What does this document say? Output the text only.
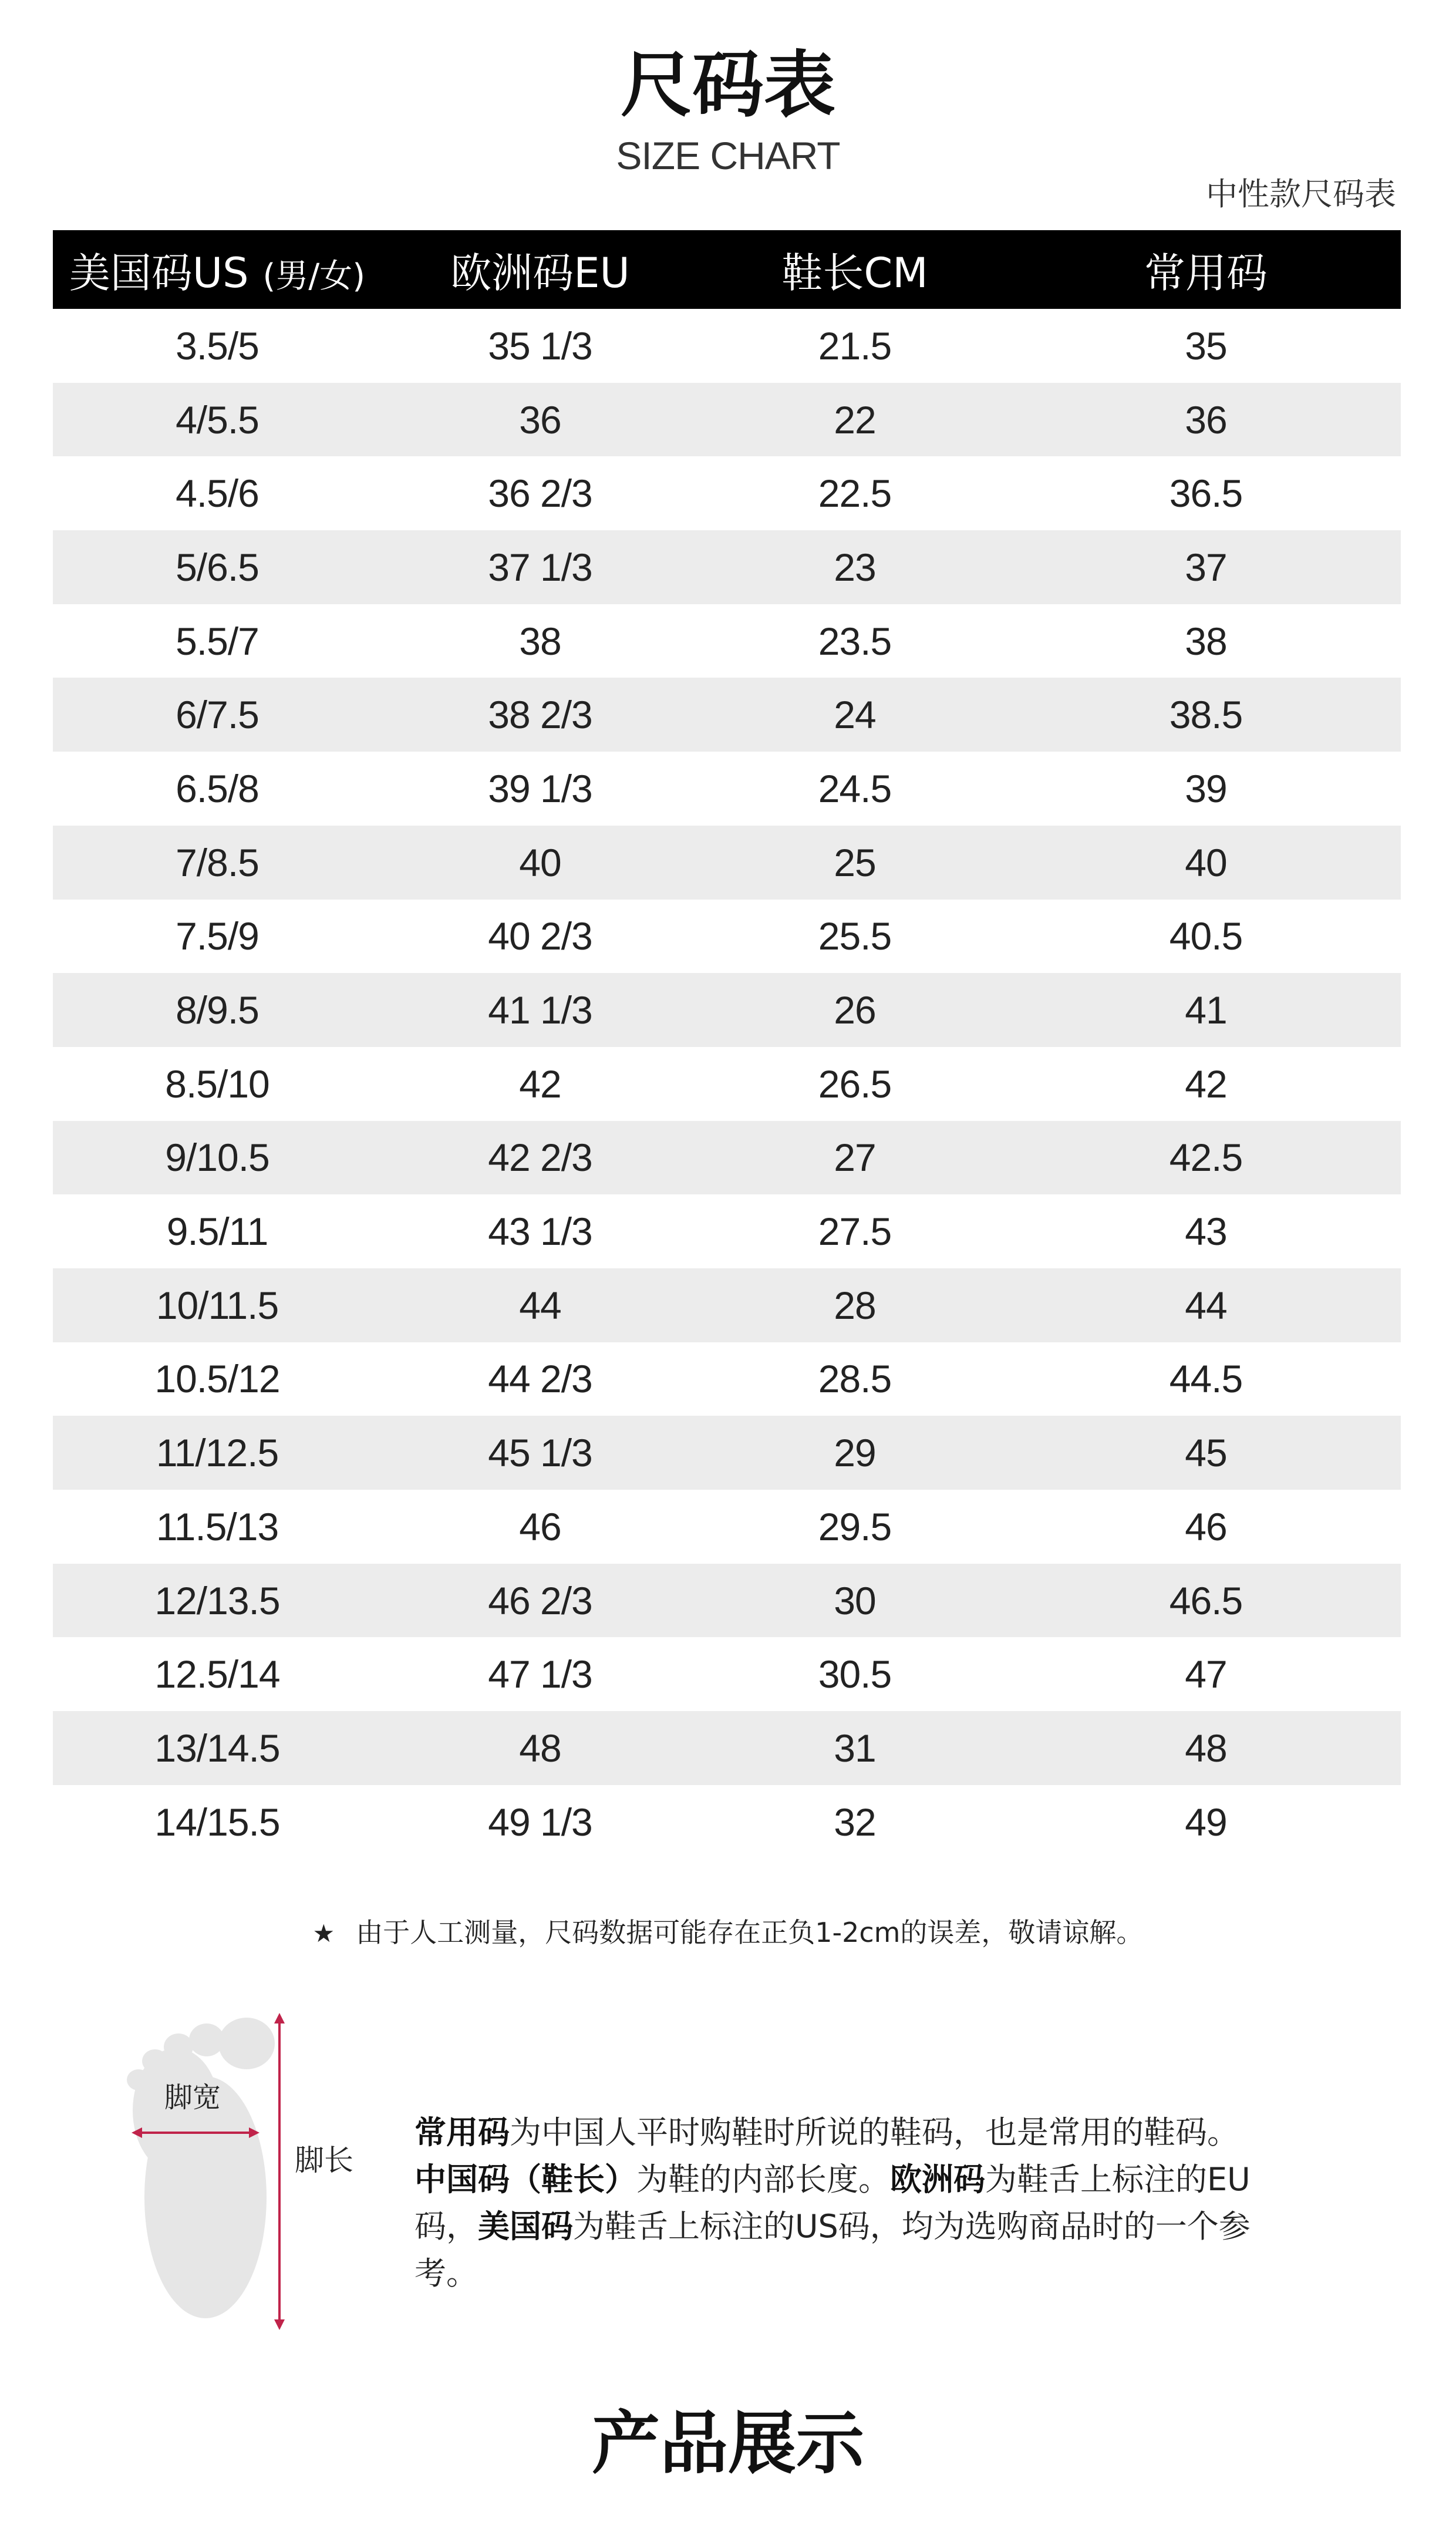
尺码表
SIZE CHART
中性款尺码表
美国码US (男/女)	欧洲码EU	鞋长CM	常用码
3.5/5	35 1/3	21.5	35
4/5.5	36	22	36
4.5/6	36 2/3	22.5	36.5
5/6.5	37 1/3	23	37
5.5/7	38	23.5	38
6/7.5	38 2/3	24	38.5
6.5/8	39 1/3	24.5	39
7/8.5	40	25	40
7.5/9	40 2/3	25.5	40.5
8/9.5	41 1/3	26	41
8.5/10	42	26.5	42
9/10.5	42 2/3	27	42.5
9.5/11	43 1/3	27.5	43
10/11.5	44	28	44
10.5/12	44 2/3	28.5	44.5
11/12.5	45 1/3	29	45
11.5/13	46	29.5	46
12/13.5	46 2/3	30	46.5
12.5/14	47 1/3	30.5	47
13/14.5	48	31	48
14/15.5	49 1/3	32	49
★ 由于人工测量，尺码数据可能存在正负1-2cm的误差，敬请谅解。
脚宽
脚长
常用码为中国人平时购鞋时所说的鞋码，也是常用的鞋码。
中国码（鞋长）为鞋的内部长度。欧洲码为鞋舌上标注的EU码，美国码为鞋舌上标注的US码，均为选购商品时的一个参考。
产品展示
